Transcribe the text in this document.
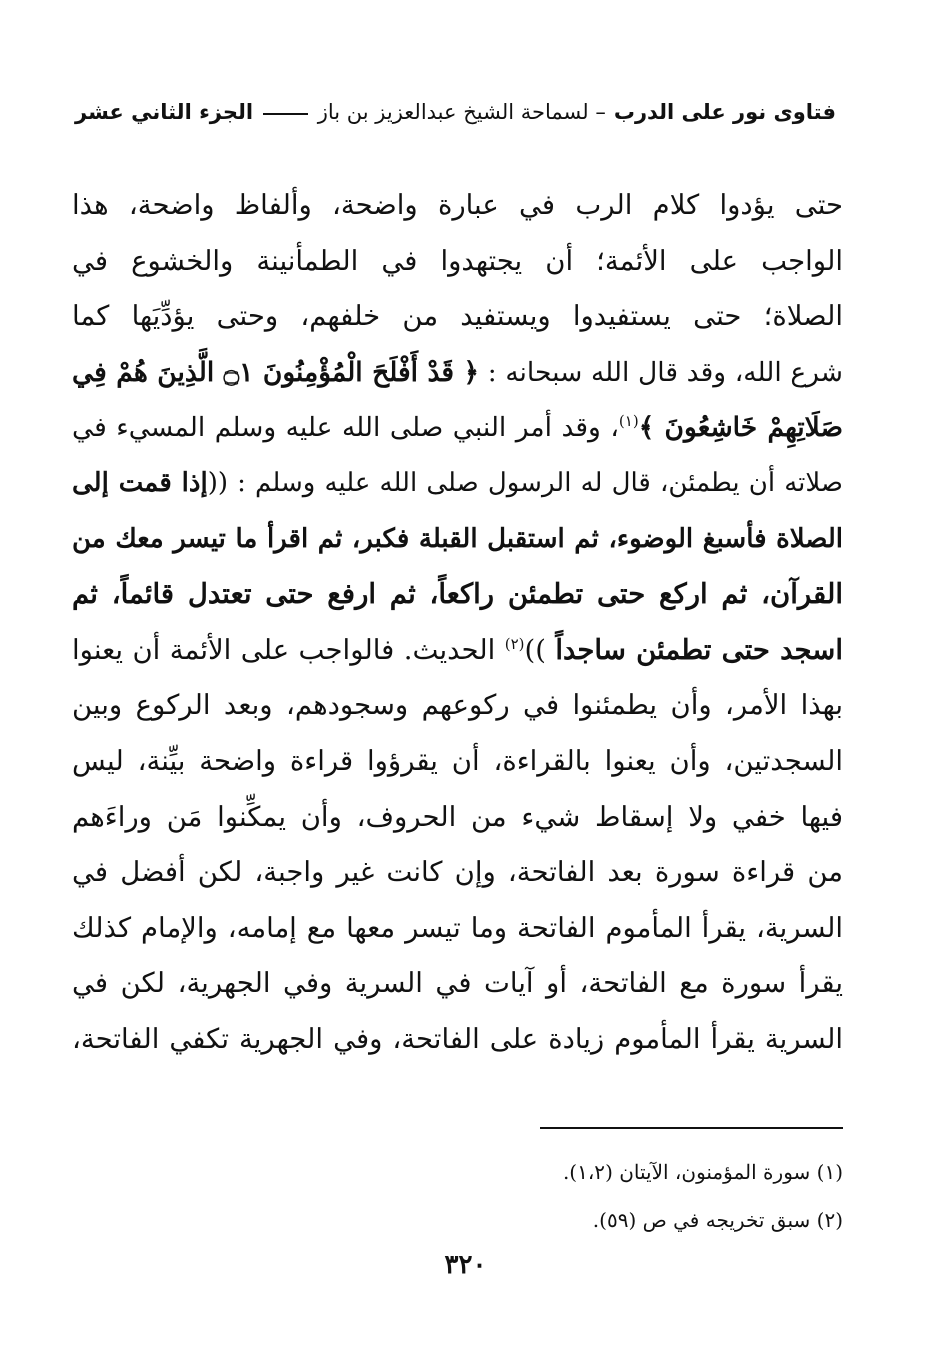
فتاوى نور على الدرب
– لسماحة الشيخ عبدالعزيز بن باز
الجزء الثاني عشر
حتى يؤدوا كلام الرب في عبارة واضحة، وألفاظ واضحة، هذا
الواجب على الأئمة؛ أن يجتهدوا في الطمأنينة والخشوع في
الصلاة؛ حتى يستفيدوا ويستفيد من خلفهم، وحتى يؤدِّيَها كما
شرع الله، وقد قال الله سبحانه : ﴿ قَدْ أَفْلَحَ الْمُؤْمِنُونَ ۝١ الَّذِينَ هُمْ فِي
صَلَاتِهِمْ خَاشِعُونَ ﴾$^{(١)}$، وقد أمر النبي صلى الله عليه وسلم المسيء في
صلاته أن يطمئن، قال له الرسول صلى الله عليه وسلم : ((إذا قمت إلى
الصلاة فأسبغ الوضوء، ثم استقبل القبلة فكبر، ثم اقرأ ما تيسر معك من
القرآن، ثم اركع حتى تطمئن راكعاً، ثم ارفع حتى تعتدل قائماً، ثم
اسجد حتى تطمئن ساجداً ))$^{(٢)}$ الحديث. فالواجب على الأئمة أن يعنوا
بهذا الأمر، وأن يطمئنوا في ركوعهم وسجودهم، وبعد الركوع وبين
السجدتين، وأن يعنوا بالقراءة، أن يقرؤوا قراءة واضحة بيِّنة، ليس
فيها خفي ولا إسقاط شيء من الحروف، وأن يمكِّنوا مَن وراءَهم
من قراءة سورة بعد الفاتحة، وإن كانت غير واجبة، لكن أفضل في
السرية، يقرأ المأموم الفاتحة وما تيسر معها مع إمامه، والإمام كذلك
يقرأ سورة مع الفاتحة، أو آيات في السرية وفي الجهرية، لكن في
السرية يقرأ المأموم زيادة على الفاتحة، وفي الجهرية تكفي الفاتحة،
(١) سورة المؤمنون، الآيتان (١،٢).
(٢) سبق تخريجه في ص (٥٩).
٣٢٠
